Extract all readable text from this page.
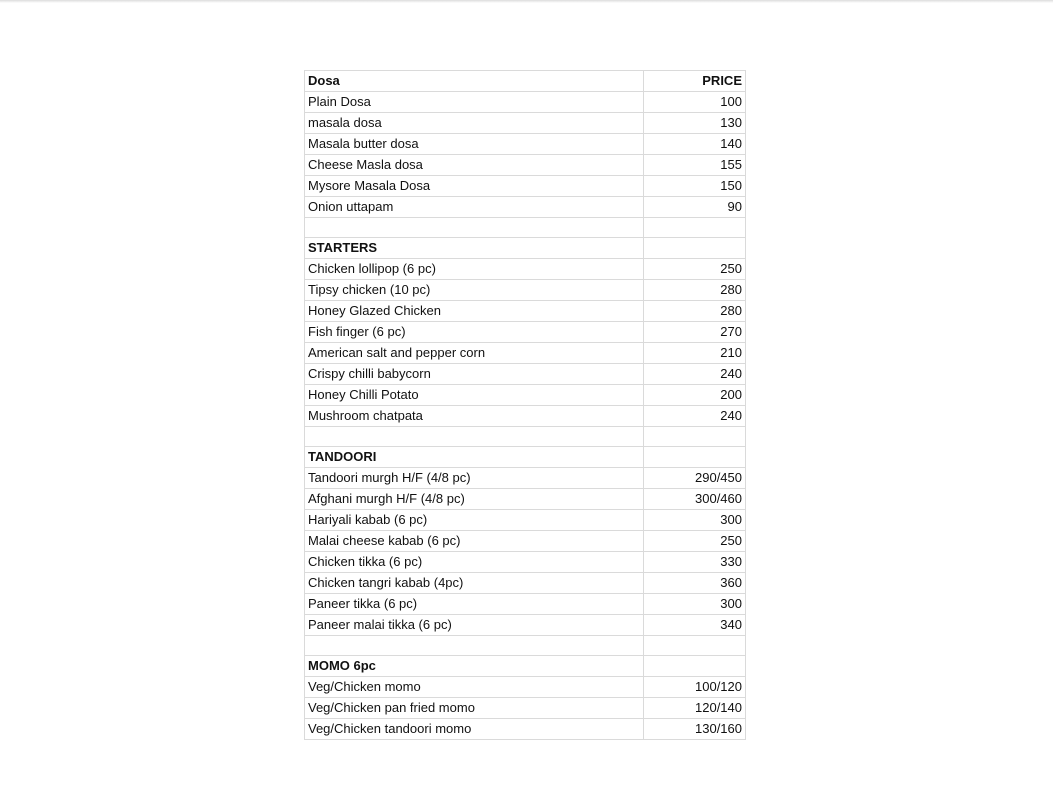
Dosa	PRICE
Plain Dosa	100
masala dosa	130
Masala butter dosa	140
Cheese Masla dosa	155
Mysore Masala Dosa	150
Onion uttapam	90

STARTERS	
Chicken lollipop (6 pc)	250
Tipsy chicken (10 pc)	280
Honey Glazed Chicken	280
Fish finger (6 pc)	270
American salt and pepper corn	210
Crispy chilli babycorn	240
Honey Chilli Potato	200
Mushroom chatpata	240

TANDOORI	
Tandoori murgh H/F (4/8 pc)	290/450
Afghani murgh H/F (4/8 pc)	300/460
Hariyali kabab (6 pc)	300
Malai cheese kabab (6 pc)	250
Chicken tikka (6 pc)	330
Chicken tangri kabab (4pc)	360
Paneer tikka (6 pc)	300
Paneer malai tikka (6 pc)	340

MOMO 6pc	
Veg/Chicken momo	100/120
Veg/Chicken pan fried momo	120/140
Veg/Chicken tandoori momo	130/160
